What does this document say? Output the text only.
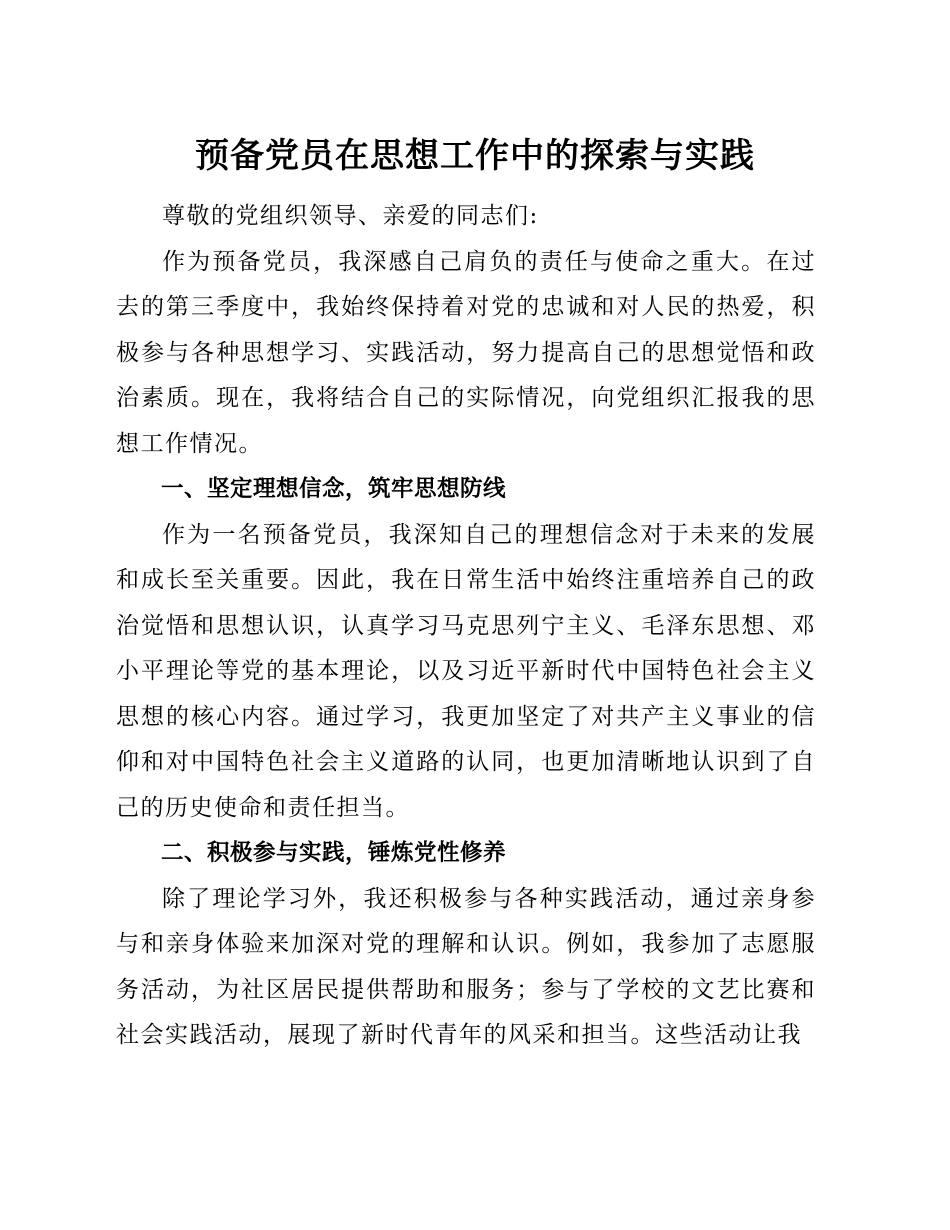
预备党员在思想工作中的探索与实践

尊敬的党组织领导、亲爱的同志们:

作为预备党员，我深感自己肩负的责任与使命之重大。在过去的第三季度中，我始终保持着对党的忠诚和对人民的热爱，积极参与各种思想学习、实践活动，努力提高自己的思想觉悟和政治素质。现在，我将结合自己的实际情况，向党组织汇报我的思想工作情况。

一、坚定理想信念，筑牢思想防线

作为一名预备党员，我深知自己的理想信念对于未来的发展和成长至关重要。因此，我在日常生活中始终注重培养自己的政治觉悟和思想认识，认真学习马克思列宁主义、毛泽东思想、邓小平理论等党的基本理论，以及习近平新时代中国特色社会主义思想的核心内容。通过学习，我更加坚定了对共产主义事业的信仰和对中国特色社会主义道路的认同，也更加清晰地认识到了自己的历史使命和责任担当。

二、积极参与实践，锤炼党性修养

除了理论学习外，我还积极参与各种实践活动，通过亲身参与和亲身体验来加深对党的理解和认识。例如，我参加了志愿服务活动，为社区居民提供帮助和服务；参与了学校的文艺比赛和社会实践活动，展现了新时代青年的风采和担当。这些活动让我
